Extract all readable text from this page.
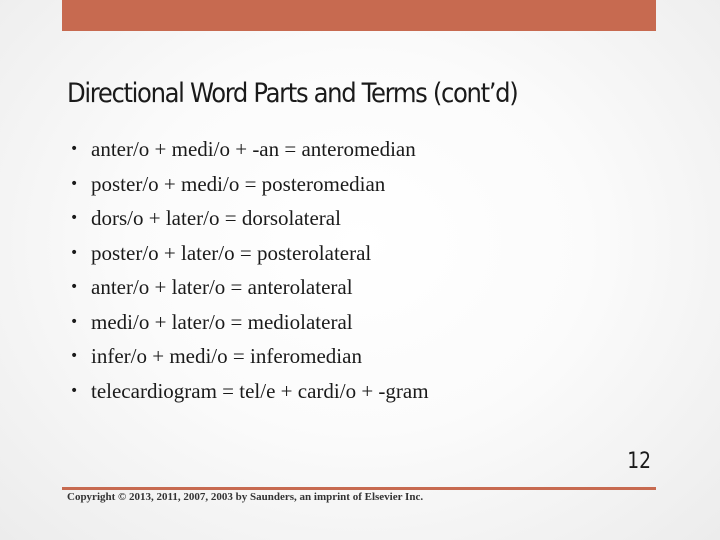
Directional Word Parts and Terms (cont’d)
• anter/o + medi/o + -an = anteromedian
• poster/o + medi/o = posteromedian
• dors/o + later/o = dorsolateral
• poster/o + later/o = posterolateral
• anter/o + later/o = anterolateral
• medi/o + later/o = mediolateral
• infer/o + medi/o = inferomedian
• telecardiogram = tel/e + cardi/o + -gram
12
Copyright © 2013, 2011, 2007, 2003 by Saunders, an imprint of Elsevier Inc.
